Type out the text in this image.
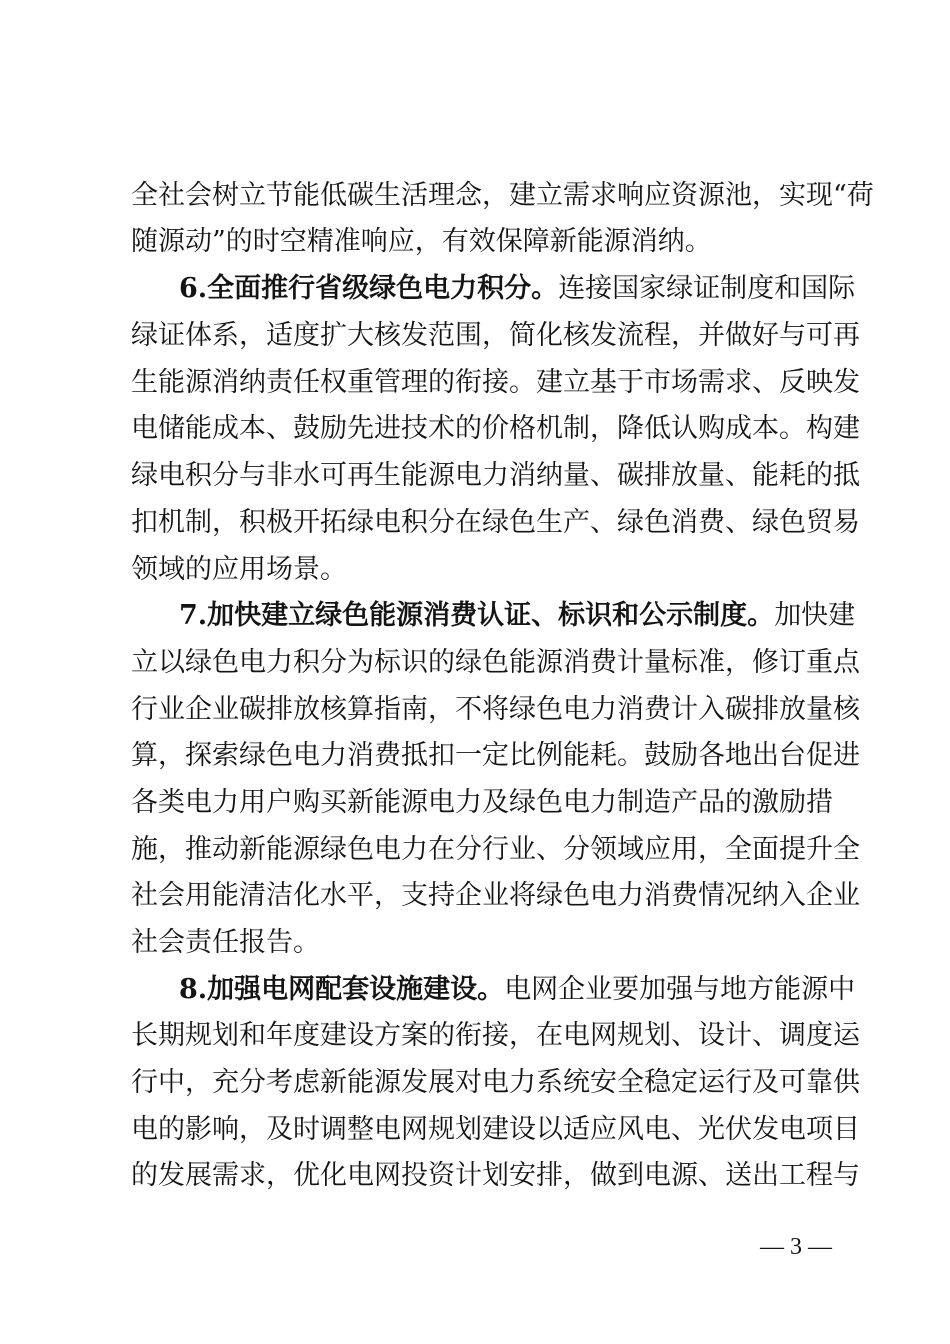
全社会树立节能低碳生活理念，建立需求响应资源池，实现“荷
随源动”的时空精准响应，有效保障新能源消纳。
6.全面推行省级绿色电力积分。连接国家绿证制度和国际
绿证体系，适度扩大核发范围，简化核发流程，并做好与可再
生能源消纳责任权重管理的衔接。建立基于市场需求、反映发
电储能成本、鼓励先进技术的价格机制，降低认购成本。构建
绿电积分与非水可再生能源电力消纳量、碳排放量、能耗的抵
扣机制，积极开拓绿电积分在绿色生产、绿色消费、绿色贸易
领域的应用场景。
7.加快建立绿色能源消费认证、标识和公示制度。加快建
立以绿色电力积分为标识的绿色能源消费计量标准，修订重点
行业企业碳排放核算指南，不将绿色电力消费计入碳排放量核
算，探索绿色电力消费抵扣一定比例能耗。鼓励各地出台促进
各类电力用户购买新能源电力及绿色电力制造产品的激励措
施，推动新能源绿色电力在分行业、分领域应用，全面提升全
社会用能清洁化水平，支持企业将绿色电力消费情况纳入企业
社会责任报告。
8.加强电网配套设施建设。电网企业要加强与地方能源中
长期规划和年度建设方案的衔接，在电网规划、设计、调度运
行中，充分考虑新能源发展对电力系统安全稳定运行及可靠供
电的影响，及时调整电网规划建设以适应风电、光伏发电项目
的发展需求，优化电网投资计划安排，做到电源、送出工程与
— 3 —
